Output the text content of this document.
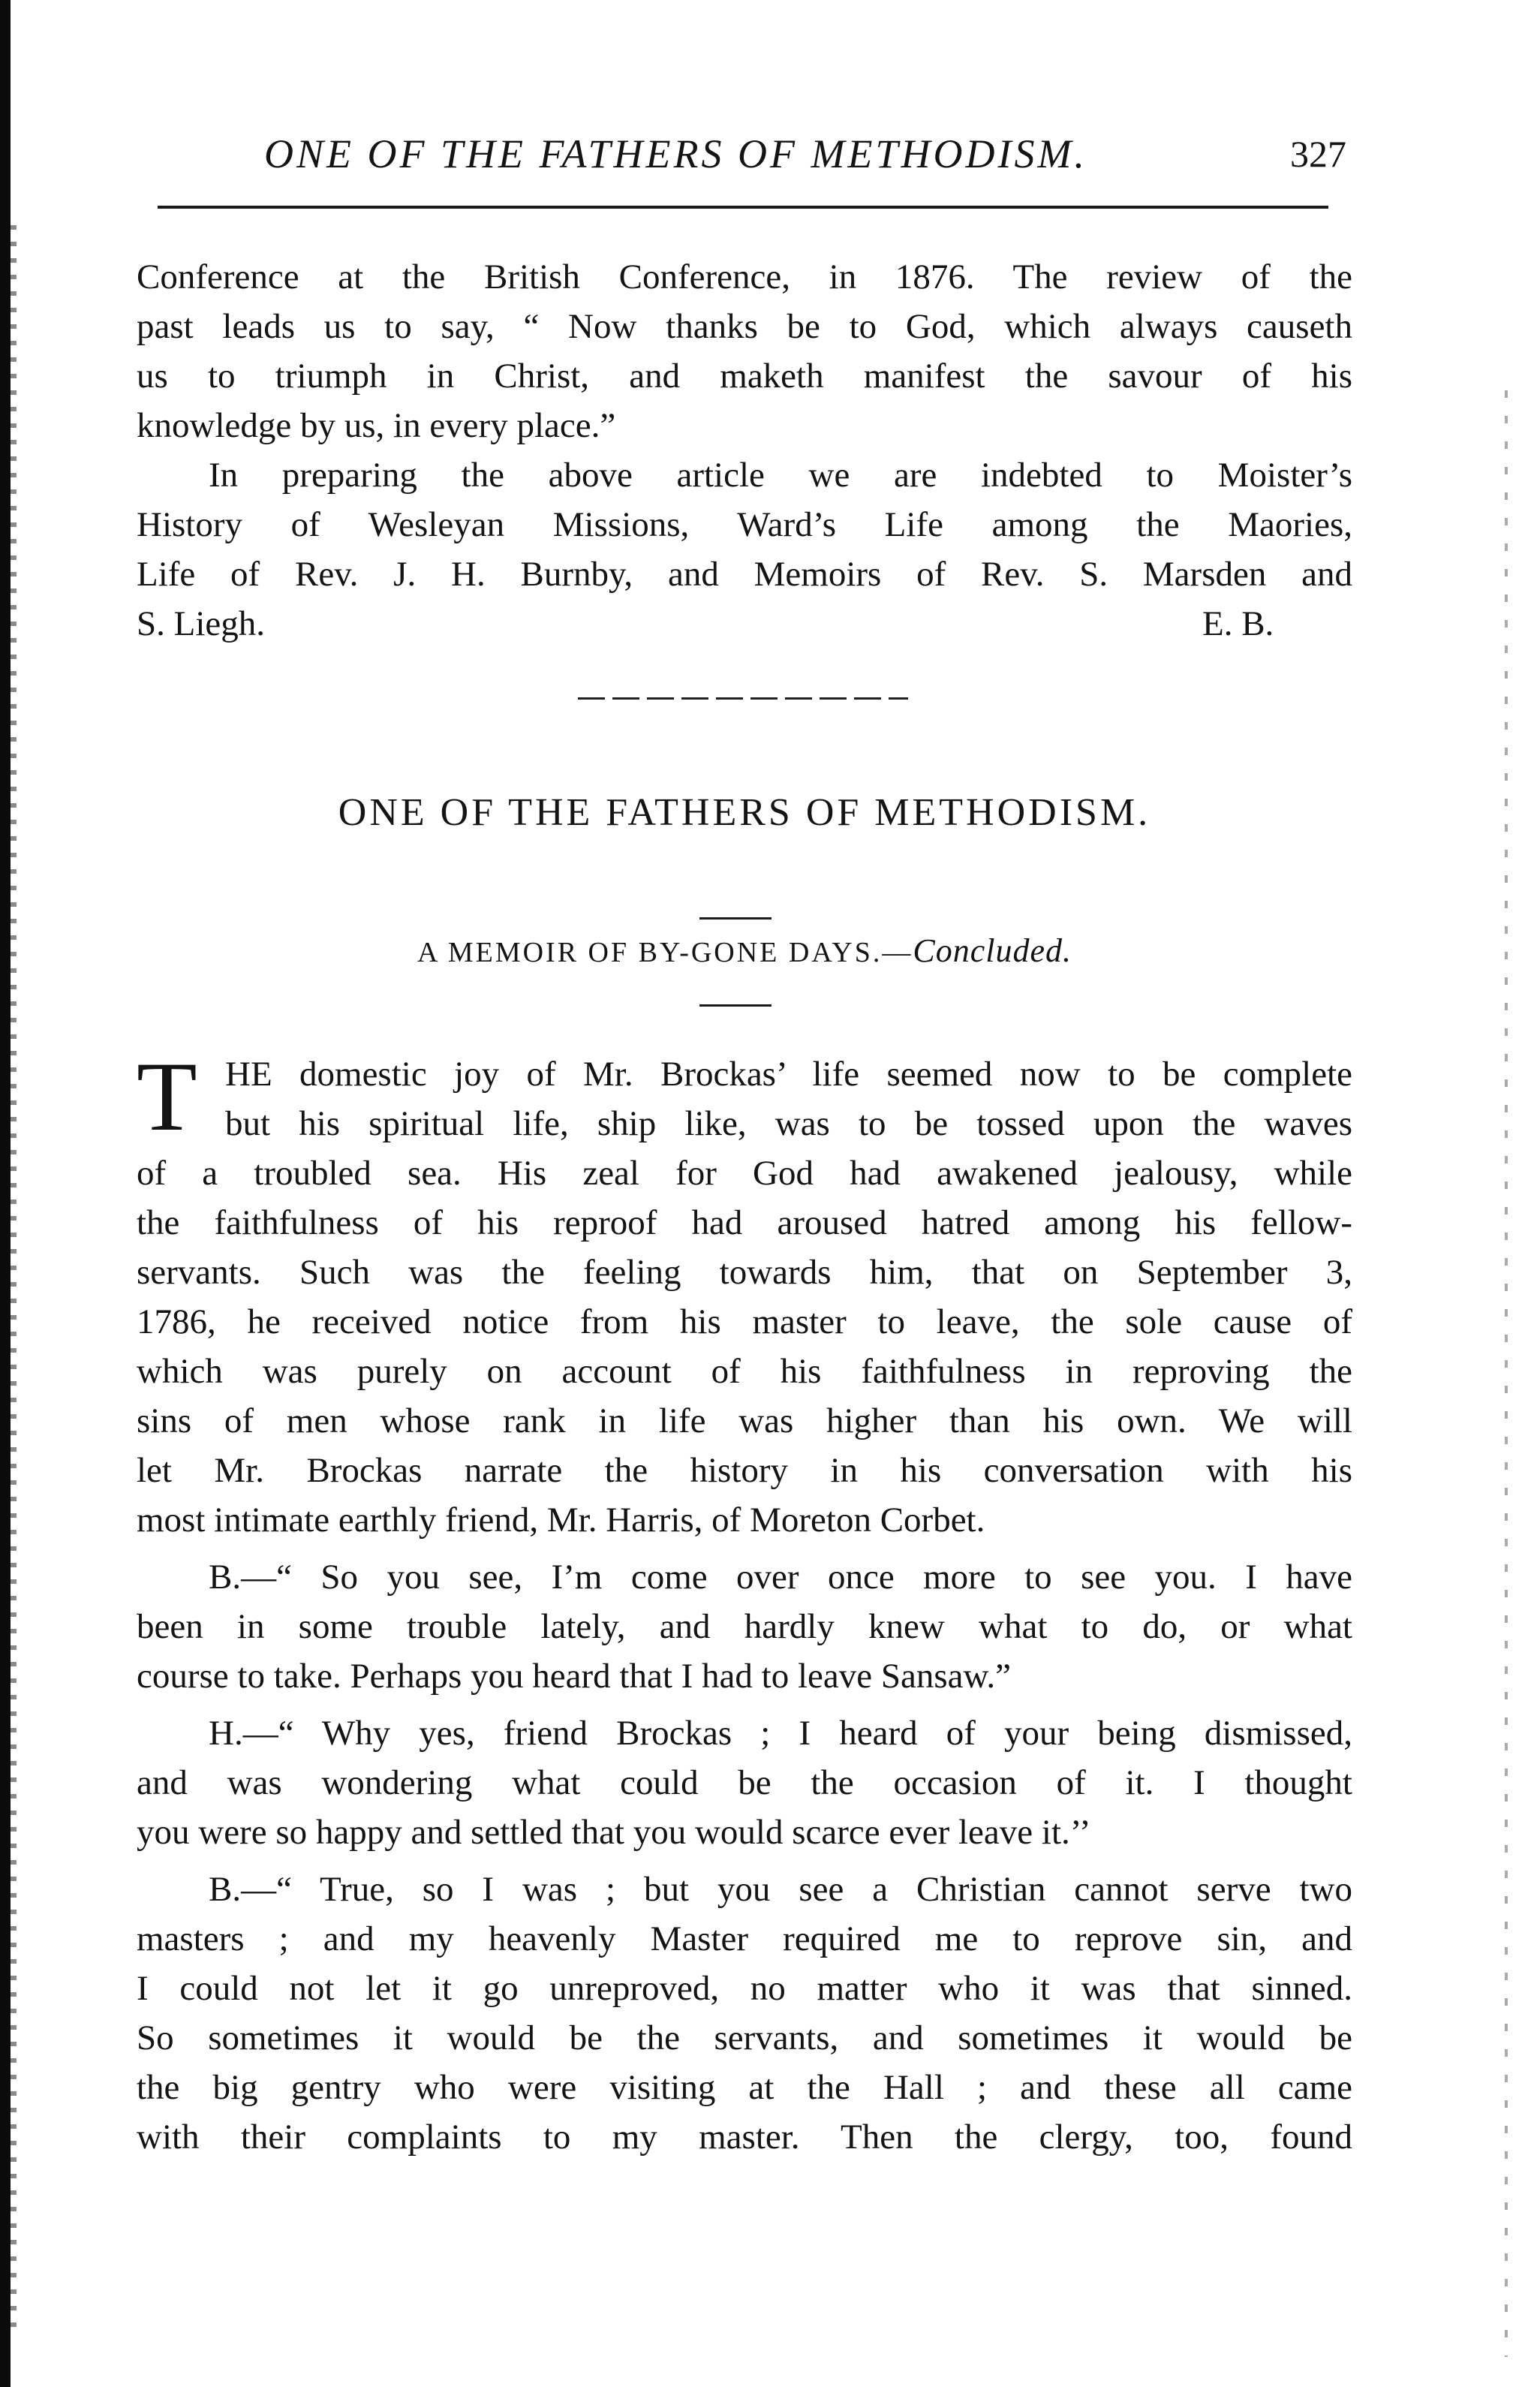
ONE OF THE FATHERS OF METHODISM.	327
Conference at the British Conference, in 1876. The review of the
past leads us to say, “ Now thanks be to God, which always causeth
us to triumph in Christ, and maketh manifest the savour of his
knowledge by us, in every place.”
In preparing the above article we are indebted to Moister’s
History of Wesleyan Missions, Ward’s Life among the Maories,
Life of Rev. J. H. Burnby, and Memoirs of Rev. S. Marsden and
S. Liegh.	E. B.
ONE OF THE FATHERS OF METHODISM.
A MEMOIR OF BY-GONE DAYS.—Concluded.
T HE domestic joy of Mr. Brockas’ life seemed now to be complete
but his spiritual life, ship like, was to be tossed upon the waves
of a troubled sea. His zeal for God had awakened jealousy, while
the faithfulness of his reproof had aroused hatred among his fellow-
servants. Such was the feeling towards him, that on September 3,
1786, he received notice from his master to leave, the sole cause of
which was purely on account of his faithfulness in reproving the
sins of men whose rank in life was higher than his own. We will
let Mr. Brockas narrate the history in his conversation with his
most intimate earthly friend, Mr. Harris, of Moreton Corbet.
B.—“ So you see, I’m come over once more to see you. I have
been in some trouble lately, and hardly knew what to do, or what
course to take. Perhaps you heard that I had to leave Sansaw.”
H.—“ Why yes, friend Brockas ; I heard of your being dismissed,
and was wondering what could be the occasion of it. I thought
you were so happy and settled that you would scarce ever leave it.’’
B.—“ True, so I was ; but you see a Christian cannot serve two
masters ; and my heavenly Master required me to reprove sin, and
I could not let it go unreproved, no matter who it was that sinned.
So sometimes it would be the servants, and sometimes it would be
the big gentry who were visiting at the Hall ; and these all came
with their complaints to my master. Then the clergy, too, found
